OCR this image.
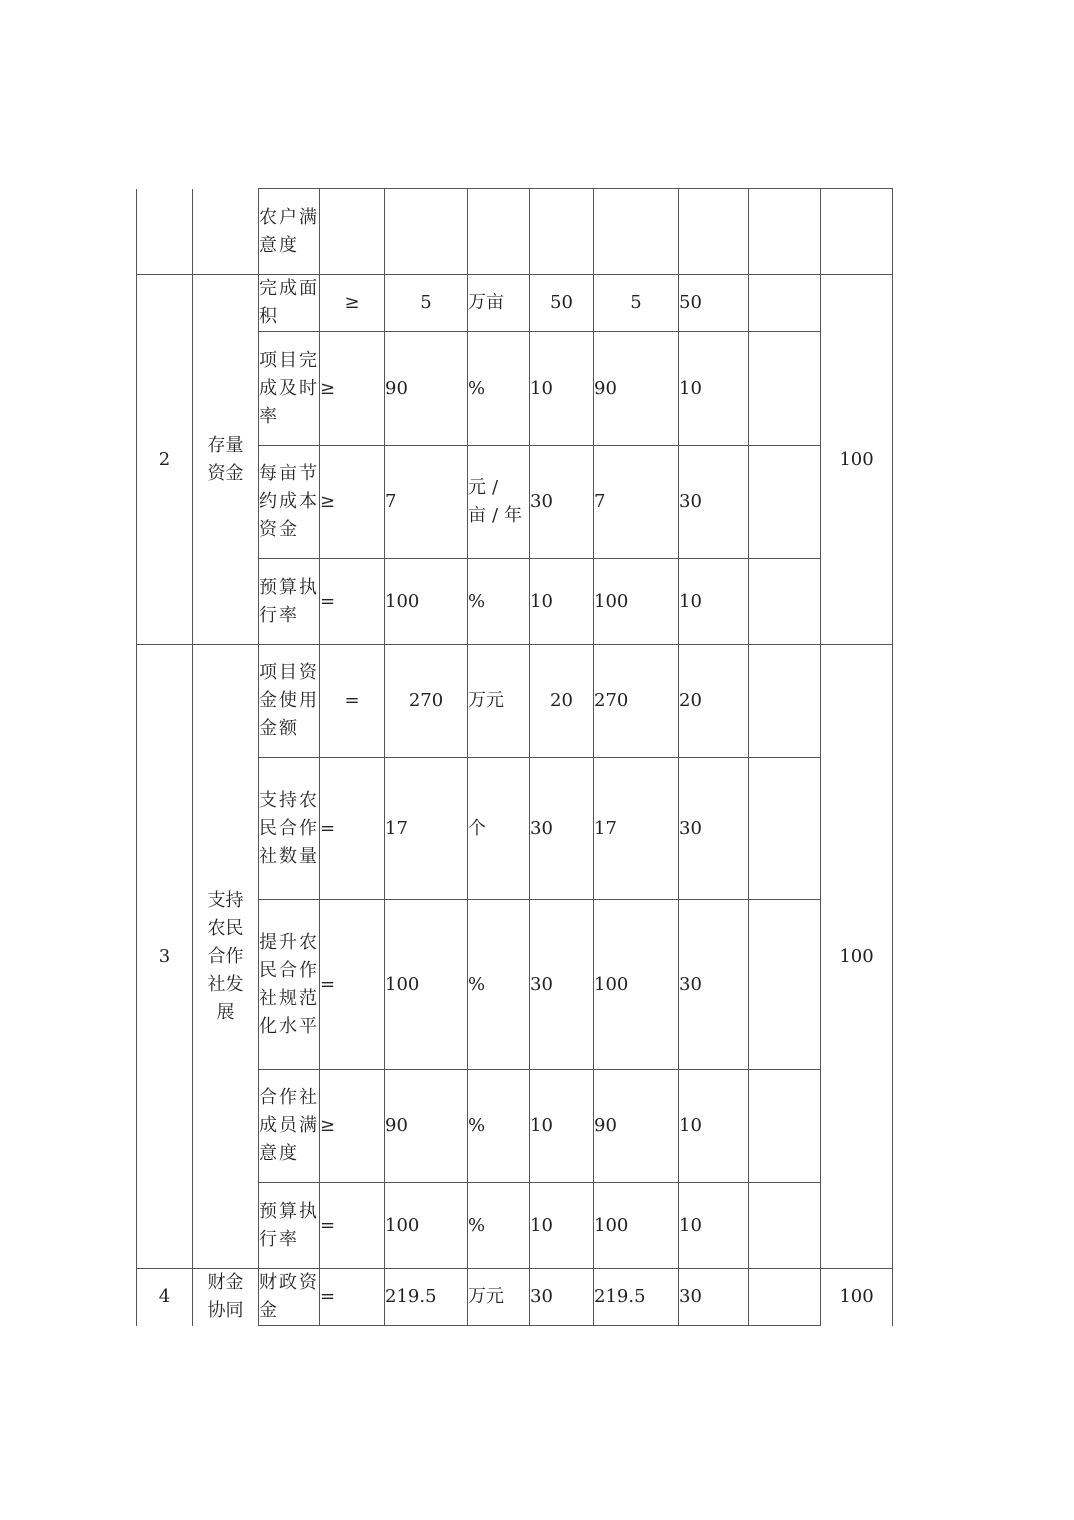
		农户满意度								
2	存量资金	完成面积	≥	5	万亩	50	5	50		100
		项目完成及时率	≥	90	%	10	90	10		
		每亩节约成本资金	≥	7	元/亩/年	30	7	30		
		预算执行率	=	100	%	10	100	10		
3	支持农民合作社发展	项目资金使用金额	=	270	万元	20	270	20		100
		支持农民合作社数量	=	17	个	30	17	30		
		提升农民合作社规范化水平	=	100	%	30	100	30		
		合作社成员满意度	≥	90	%	10	90	10		
		预算执行率	=	100	%	10	100	10		
4	财金协同	财政资金	=	219.5	万元	30	219.5	30		100
